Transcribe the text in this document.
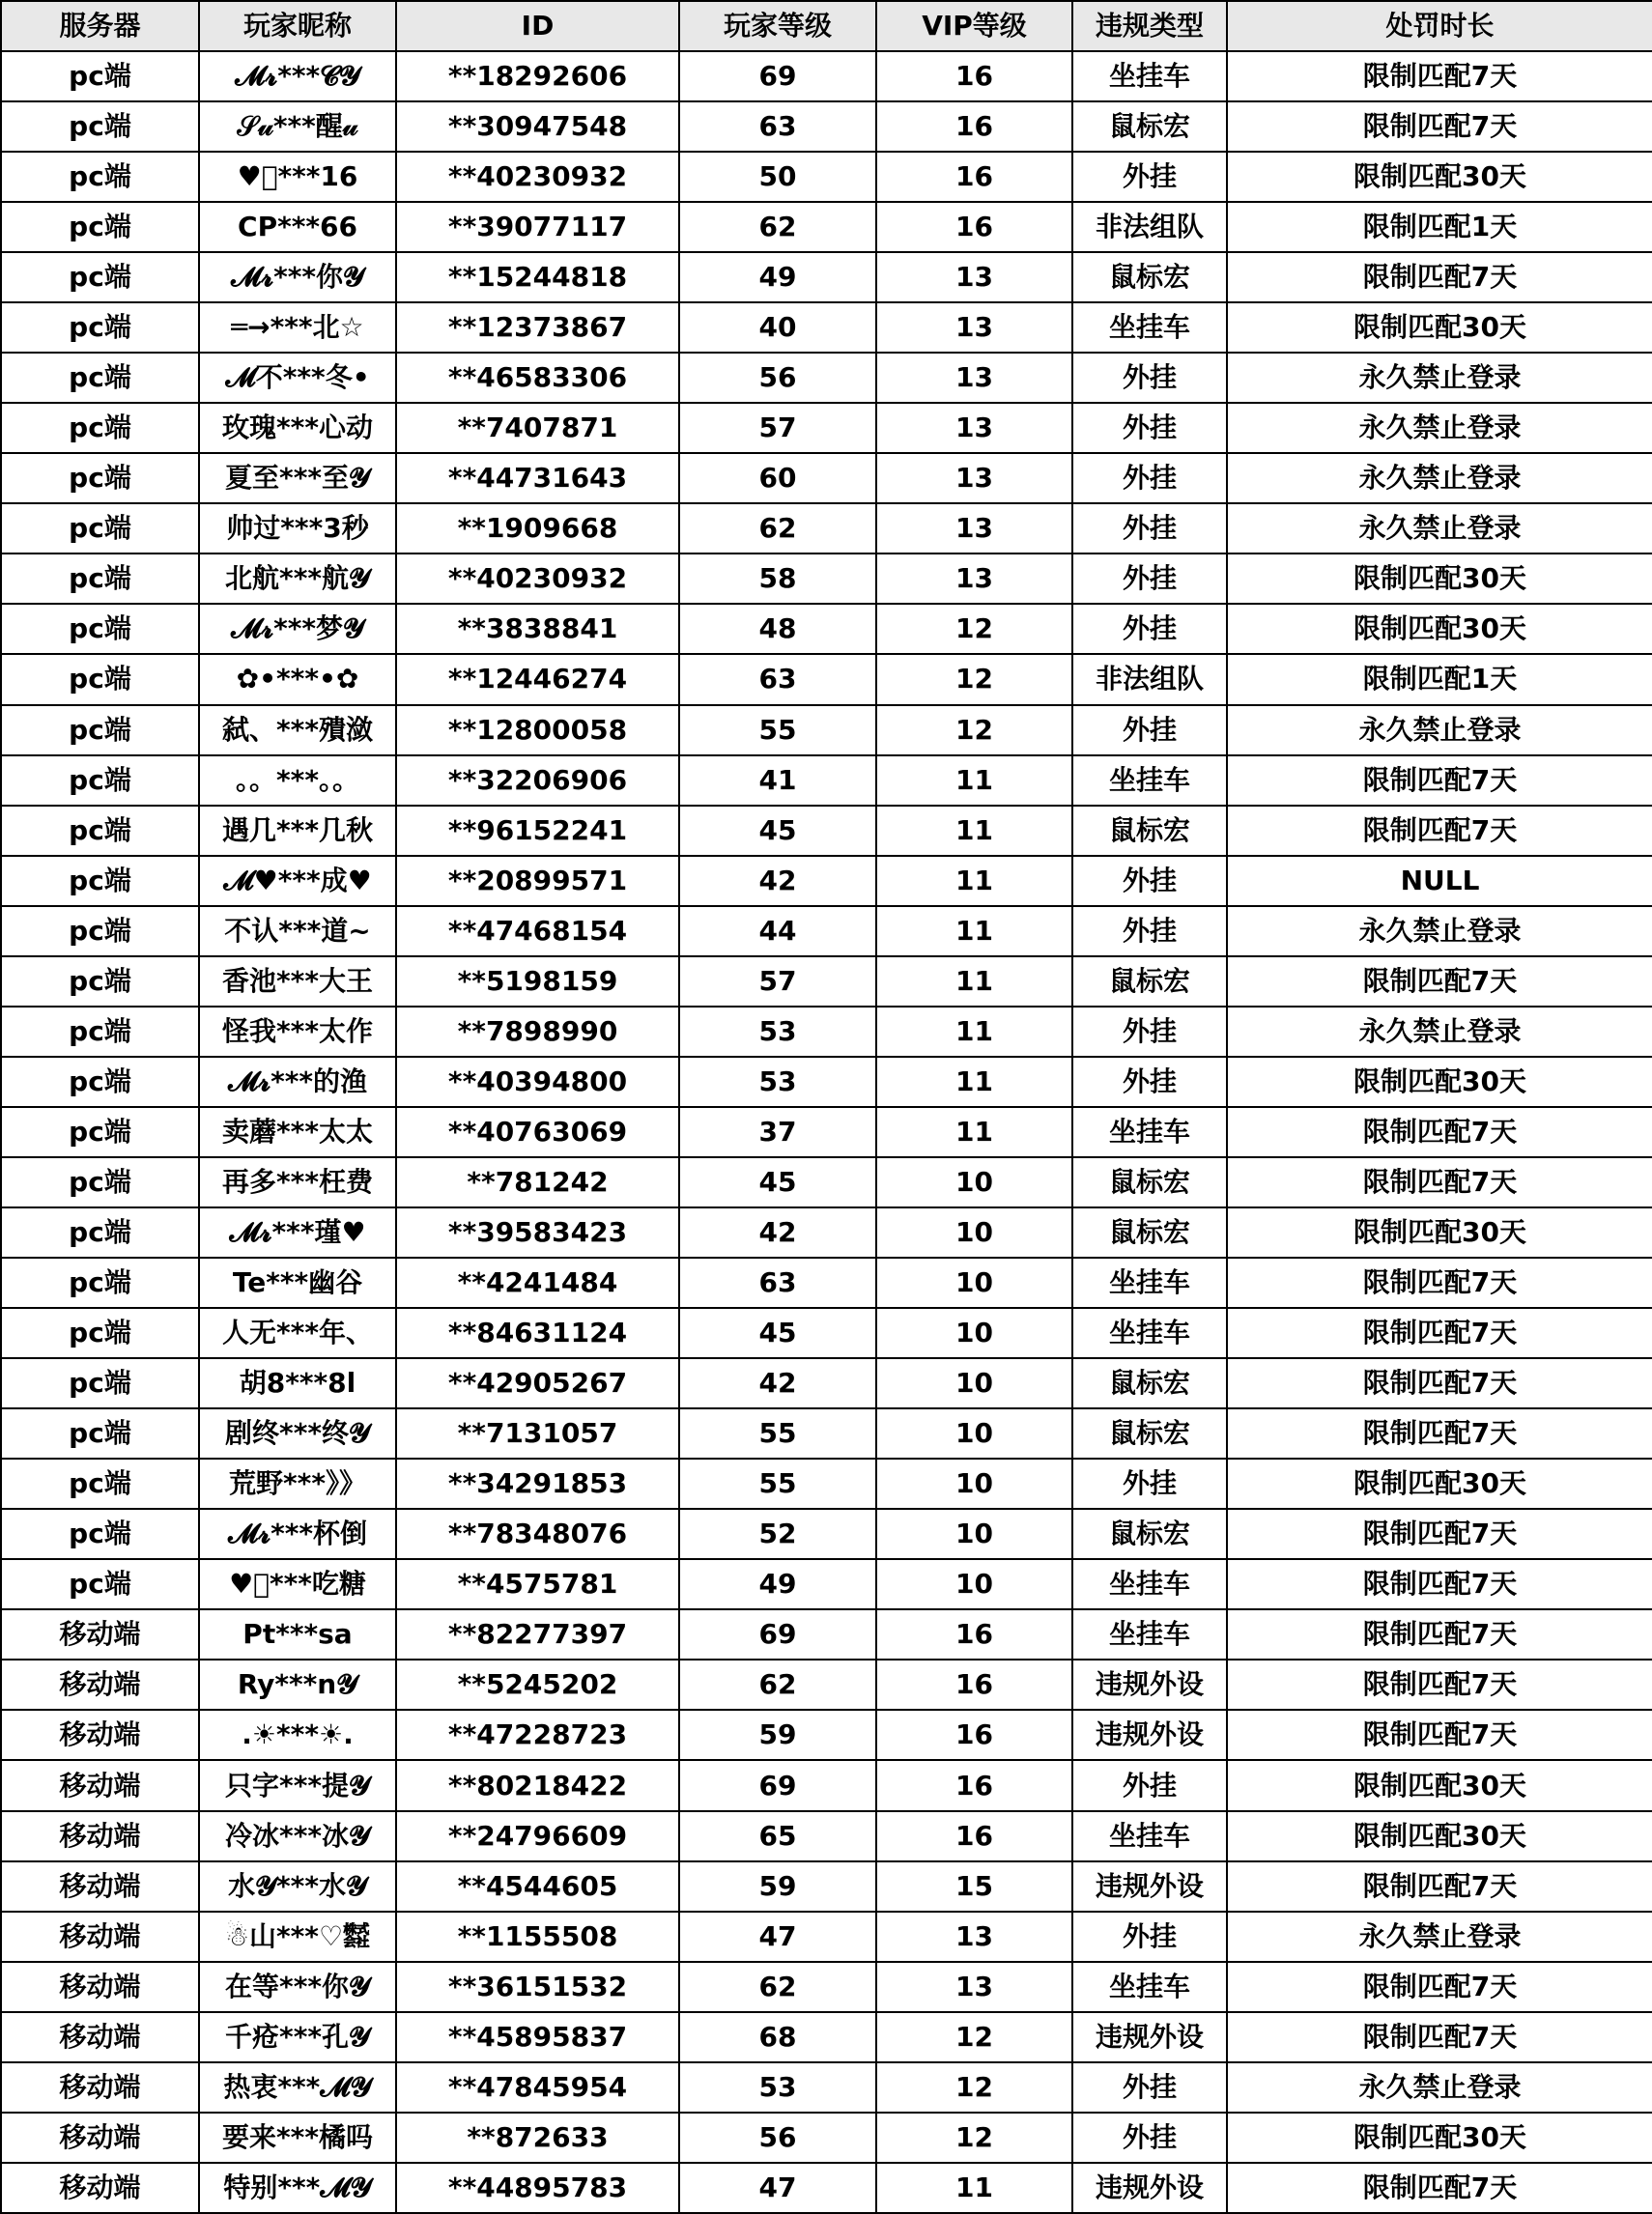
服务器	玩家昵称	ID	玩家等级	VIP等级	违规类型	处罚时长
pc端	𝓜𝓻***𝓒𝓨	**18292606	69	16	坐挂车	限制匹配7天
pc端	𝒮𝓊***醒𝓊	**30947548	63	16	鼠标宏	限制匹配7天
pc端	♥ⷨ***16	**40230932	50	16	外挂	限制匹配30天
pc端	CP***66	**39077117	62	16	非法组队	限制匹配1天
pc端	𝓜𝓻***你𝓨	**15244818	49	13	鼠标宏	限制匹配7天
pc端	═→***北☆	**12373867	40	13	坐挂车	限制匹配30天
pc端	𝓜不***冬•	**46583306	56	13	外挂	永久禁止登录
pc端	玫瑰***心动	**7407871	57	13	外挂	永久禁止登录
pc端	夏至***至𝓨	**44731643	60	13	外挂	永久禁止登录
pc端	帅过***3秒	**1909668	62	13	外挂	永久禁止登录
pc端	北航***航𝓨	**40230932	58	13	外挂	限制匹配30天
pc端	𝓜𝓻***梦𝓨	**3838841	48	12	外挂	限制匹配30天
pc端	✿•***•✿	**12446274	63	12	非法组队	限制匹配1天
pc端	弑、***殨潋	**12800058	55	12	外挂	永久禁止登录
pc端	。。***。。	**32206906	41	11	坐挂车	限制匹配7天
pc端	遇几***几秋	**96152241	45	11	鼠标宏	限制匹配7天
pc端	𝓜♥***成♥	**20899571	42	11	外挂	NULL
pc端	不认***道~	**47468154	44	11	外挂	永久禁止登录
pc端	香池***大王	**5198159	57	11	鼠标宏	限制匹配7天
pc端	怪我***太作	**7898990	53	11	外挂	永久禁止登录
pc端	𝓜𝓻***的渔	**40394800	53	11	外挂	限制匹配30天
pc端	卖蘑***太太	**40763069	37	11	坐挂车	限制匹配7天
pc端	再多***枉费	**781242	45	10	鼠标宏	限制匹配7天
pc端	𝓜𝓻***瑾♥	**39583423	42	10	鼠标宏	限制匹配30天
pc端	Te***幽谷	**4241484	63	10	坐挂车	限制匹配7天
pc端	人无***年、	**84631124	45	10	坐挂车	限制匹配7天
pc端	胡8***8l	**42905267	42	10	鼠标宏	限制匹配7天
pc端	剧终***终𝓨	**7131057	55	10	鼠标宏	限制匹配7天
pc端	荒野***》》	**34291853	55	10	外挂	限制匹配30天
pc端	𝓜𝓻***杯倒	**78348076	52	10	鼠标宏	限制匹配7天
pc端	♥ⷨ***吃糖	**4575781	49	10	坐挂车	限制匹配7天
移动端	Pt***sa	**82277397	69	16	坐挂车	限制匹配7天
移动端	Ry***n𝓨	**5245202	62	16	违规外设	限制匹配7天
移动端	.☀***☀.	**47228723	59	16	违规外设	限制匹配7天
移动端	只字***提𝓨	**80218422	69	16	外挂	限制匹配30天
移动端	冷冰***冰𝓨	**24796609	65	16	坐挂车	限制匹配30天
移动端	水𝓨***水𝓨	**4544605	59	15	违规外设	限制匹配7天
移动端	☃山***♡㍿	**1155508	47	13	外挂	永久禁止登录
移动端	在等***你𝓨	**36151532	62	13	坐挂车	限制匹配7天
移动端	千疮***孔𝓨	**45895837	68	12	违规外设	限制匹配7天
移动端	热衷***𝓜𝓨	**47845954	53	12	外挂	永久禁止登录
移动端	要来***橘吗	**872633	56	12	外挂	限制匹配30天
移动端	特别***𝓜𝓨	**44895783	47	11	违规外设	限制匹配7天
